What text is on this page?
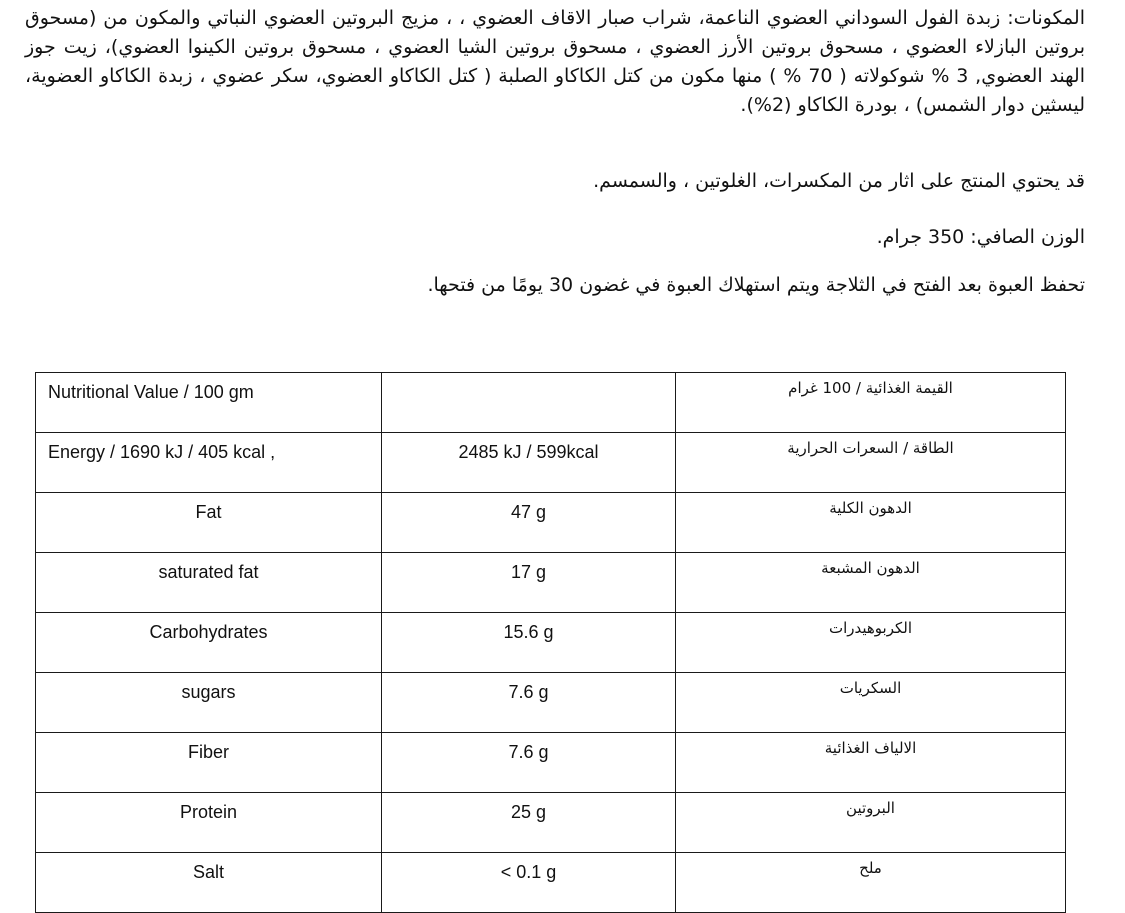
المكونات: زبدة الفول السوداني العضوي الناعمة، شراب صبار الاقاف العضوي ، ، مزيج البروتين العضوي النباتي والمكون من (مسحوق بروتين البازلاء العضوي ، مسحوق بروتين الأرز العضوي ، مسحوق بروتين الشيا العضوي ، مسحوق بروتين الكينوا العضوي)، زيت جوز الهند العضوي, 3 % شوكولاته ( 70 % ) منها مكون من كتل الكاكاو الصلبة ( كتل الكاكاو العضوي، سكر عضوي ، زبدة الكاكاو العضوية، ليسثين دوار الشمس) ، بودرة الكاكاو (2%).

قد يحتوي المنتج على اثار من المكسرات، الغلوتين ، والسمسم.

الوزن الصافي: 350 جرام.

تحفظ العبوة بعد الفتح في الثلاجة ويتم استهلاك العبوة في غضون 30 يومًا من فتحها.

Nutritional Value / 100 gm		القيمة الغذائية / 100 غرام
Energy / 1690 kJ / 405 kcal ,	2485 kJ / 599kcal	الطاقة / السعرات الحرارية
Fat	47 g	الدهون الكلية
saturated fat	17 g	الدهون المشبعة
Carbohydrates	15.6 g	الكربوهيدرات
sugars	7.6 g	السكريات
Fiber	7.6 g	الالياف الغذائية
Protein	25 g	البروتين
Salt	< 0.1 g	ملح
